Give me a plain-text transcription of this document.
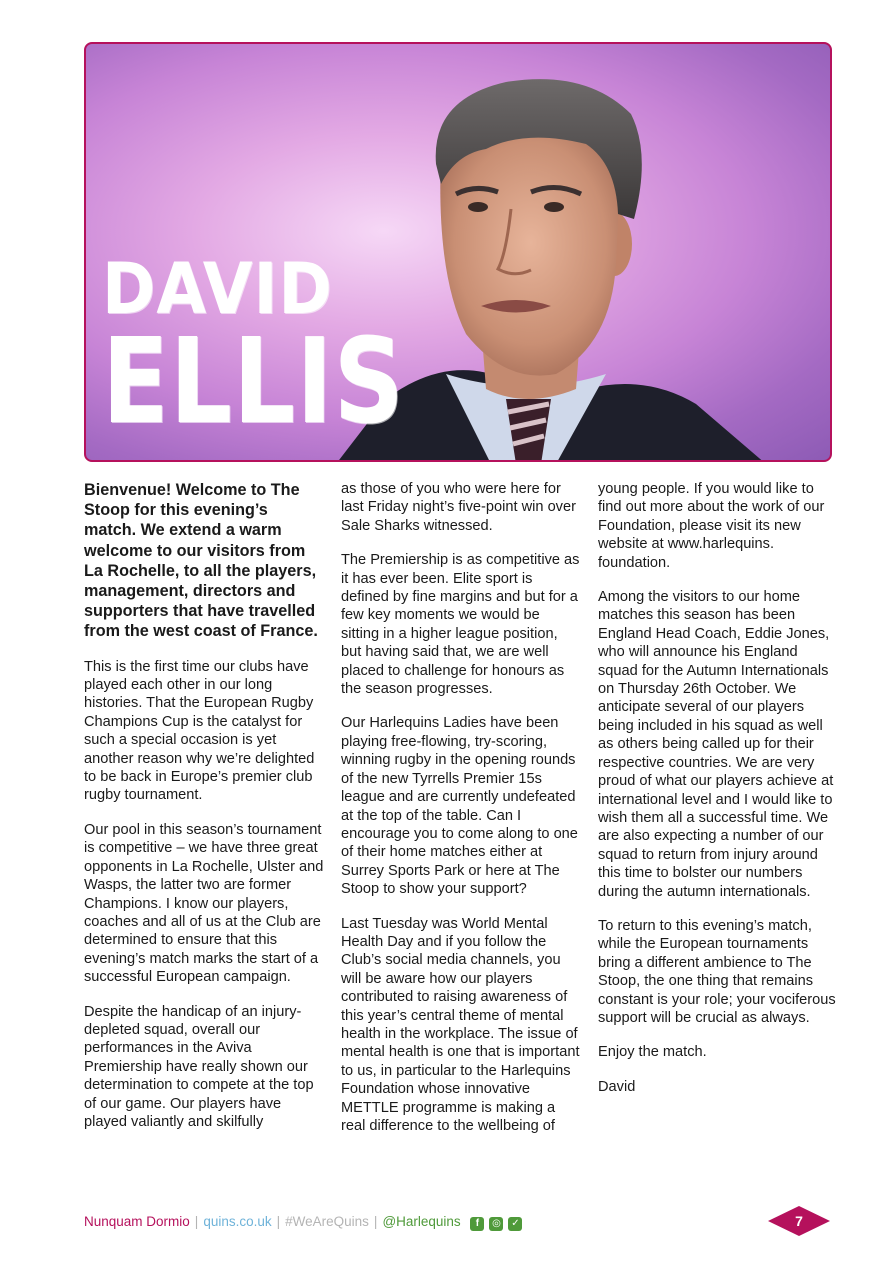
DAVID
ELLIS

Bienvenue! Welcome to The Stoop for this evening’s match. We extend a warm welcome to our visitors from La Rochelle, to all the players, management, directors and supporters that have travelled from the west coast of France.

This is the first time our clubs have played each other in our long histories. That the European Rugby Champions Cup is the catalyst for such a special occasion is yet another reason why we’re delighted to be back in Europe’s premier club rugby tournament.

Our pool in this season’s tournament is competitive – we have three great opponents in La Rochelle, Ulster and Wasps, the latter two are former Champions. I know our players, coaches and all of us at the Club are determined to ensure that this evening’s match marks the start of a successful European campaign.

Despite the handicap of an injury-depleted squad, overall our performances in the Aviva Premiership have really shown our determination to compete at the top of our game. Our players have played valiantly and skilfully

as those of you who were here for last Friday night’s five-point win over Sale Sharks witnessed.

The Premiership is as competitive as it has ever been. Elite sport is defined by fine margins and but for a few key moments we would be sitting in a higher league position, but having said that, we are well placed to challenge for honours as the season progresses.

Our Harlequins Ladies have been playing free-flowing, try-scoring, winning rugby in the opening rounds of the new Tyrrells Premier 15s league and are currently undefeated at the top of the table. Can I encourage you to come along to one of their home matches either at Surrey Sports Park or here at The Stoop to show your support?

Last Tuesday was World Mental Health Day and if you follow the Club’s social media channels, you will be aware how our players contributed to raising awareness of this year’s central theme of mental health in the workplace. The issue of mental health is one that is important to us, in particular to the Harlequins Foundation whose innovative METTLE programme is making a real difference to the wellbeing of

young people. If you would like to find out more about the work of our Foundation, please visit its new website at www.harlequins. foundation.

Among the visitors to our home matches this season has been England Head Coach, Eddie Jones, who will announce his England squad for the Autumn Internationals on Thursday 26th October. We anticipate several of our players being included in his squad as well as others being called up for their respective countries. We are very proud of what our players achieve at international level and I would like to wish them all a successful time. We are also expecting a number of our squad to return from injury around this time to bolster our numbers during the autumn internationals.

To return to this evening’s match, while the European tournaments bring a different ambience to The Stoop, the one thing that remains constant is your role; your vociferous support will be crucial as always.

Enjoy the match.

David

Nunquam Dormio | quins.co.uk | #WeAreQuins | @Harlequins f ◎ ✓	7
